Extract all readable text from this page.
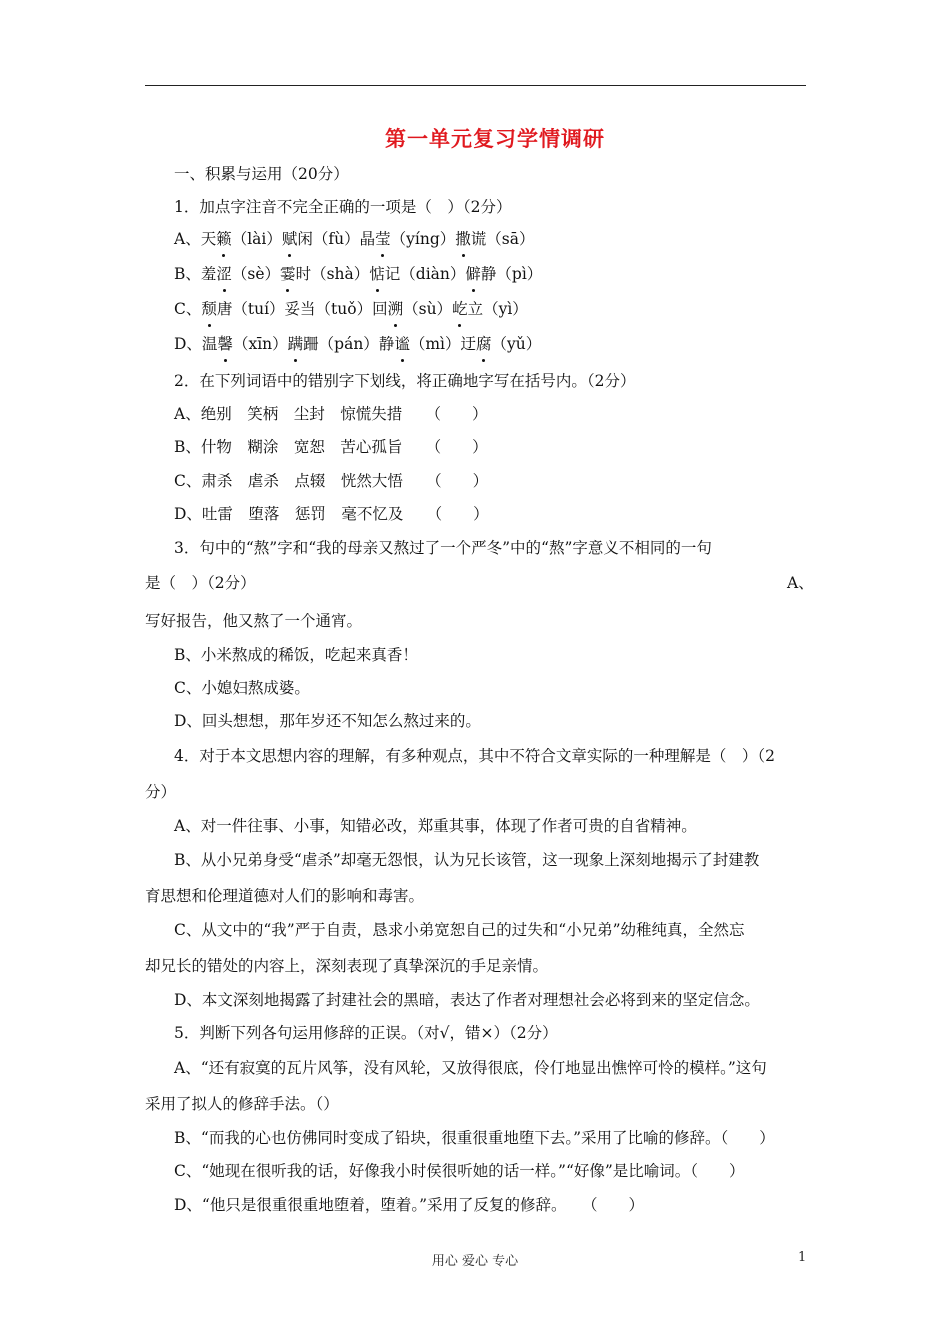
第一单元复习学情调研
一、积累与运用（20分）
1．加点字注音不完全正确的一项是（　）（2分）
A、天籁（lài）赋闲（fù）晶莹（yíng）撒谎（sā）
B、羞涩（sè）霎时（shà）惦记（diàn）僻静（pì）
C、颓唐（tuí）妥当（tuǒ）回溯（sù）屹立（yì）
D、温馨（xīn）蹒跚（pán）静谧（mì）迂腐（yǔ）
2．在下列词语中的错别字下划线，将正确地字写在括号内。（2分）
A、绝别　笑柄　尘封　惊慌失措　　（　　）
B、什物　糊涂　宽恕　苦心孤旨　　（　　）
C、肃杀　虐杀　点辍　恍然大悟　　（　　）
D、吐雷　堕落　惩罚　毫不忆及　　（　　）
3．句中的“熬”字和“我的母亲又熬过了一个严冬”中的“熬”字意义不相同的一句
是（　）（2分）	A、
写好报告，他又熬了一个通宵。
B、小米熬成的稀饭，吃起来真香！
C、小媳妇熬成婆。
D、回头想想，那年岁还不知怎么熬过来的。
4．对于本文思想内容的理解，有多种观点，其中不符合文章实际的一种理解是（　）（2
分）
A、对一件往事、小事，知错必改，郑重其事，体现了作者可贵的自省精神。
B、从小兄弟身受“虐杀”却毫无怨恨，认为兄长该管，这一现象上深刻地揭示了封建教
育思想和伦理道德对人们的影响和毒害。
C、从文中的“我”严于自责，恳求小弟宽恕自己的过失和“小兄弟”幼稚纯真，全然忘
却兄长的错处的内容上，深刻表现了真挚深沉的手足亲情。
D、本文深刻地揭露了封建社会的黑暗，表达了作者对理想社会必将到来的坚定信念。
5．判断下列各句运用修辞的正误。（对√，错×）（2分）
A、“还有寂寞的瓦片风筝，没有风轮，又放得很底，伶仃地显出憔悴可怜的模样。”这句
采用了拟人的修辞手法。（）
B、“而我的心也仿佛同时变成了铅块，很重很重地堕下去。”采用了比喻的修辞。（　　）
C、“她现在很听我的话，好像我小时侯很听她的话一样。”“好像”是比喻词。（　　）
D、“他只是很重很重地堕着，堕着。”采用了反复的修辞。　　（　　）
用心 爱心 专心	1
